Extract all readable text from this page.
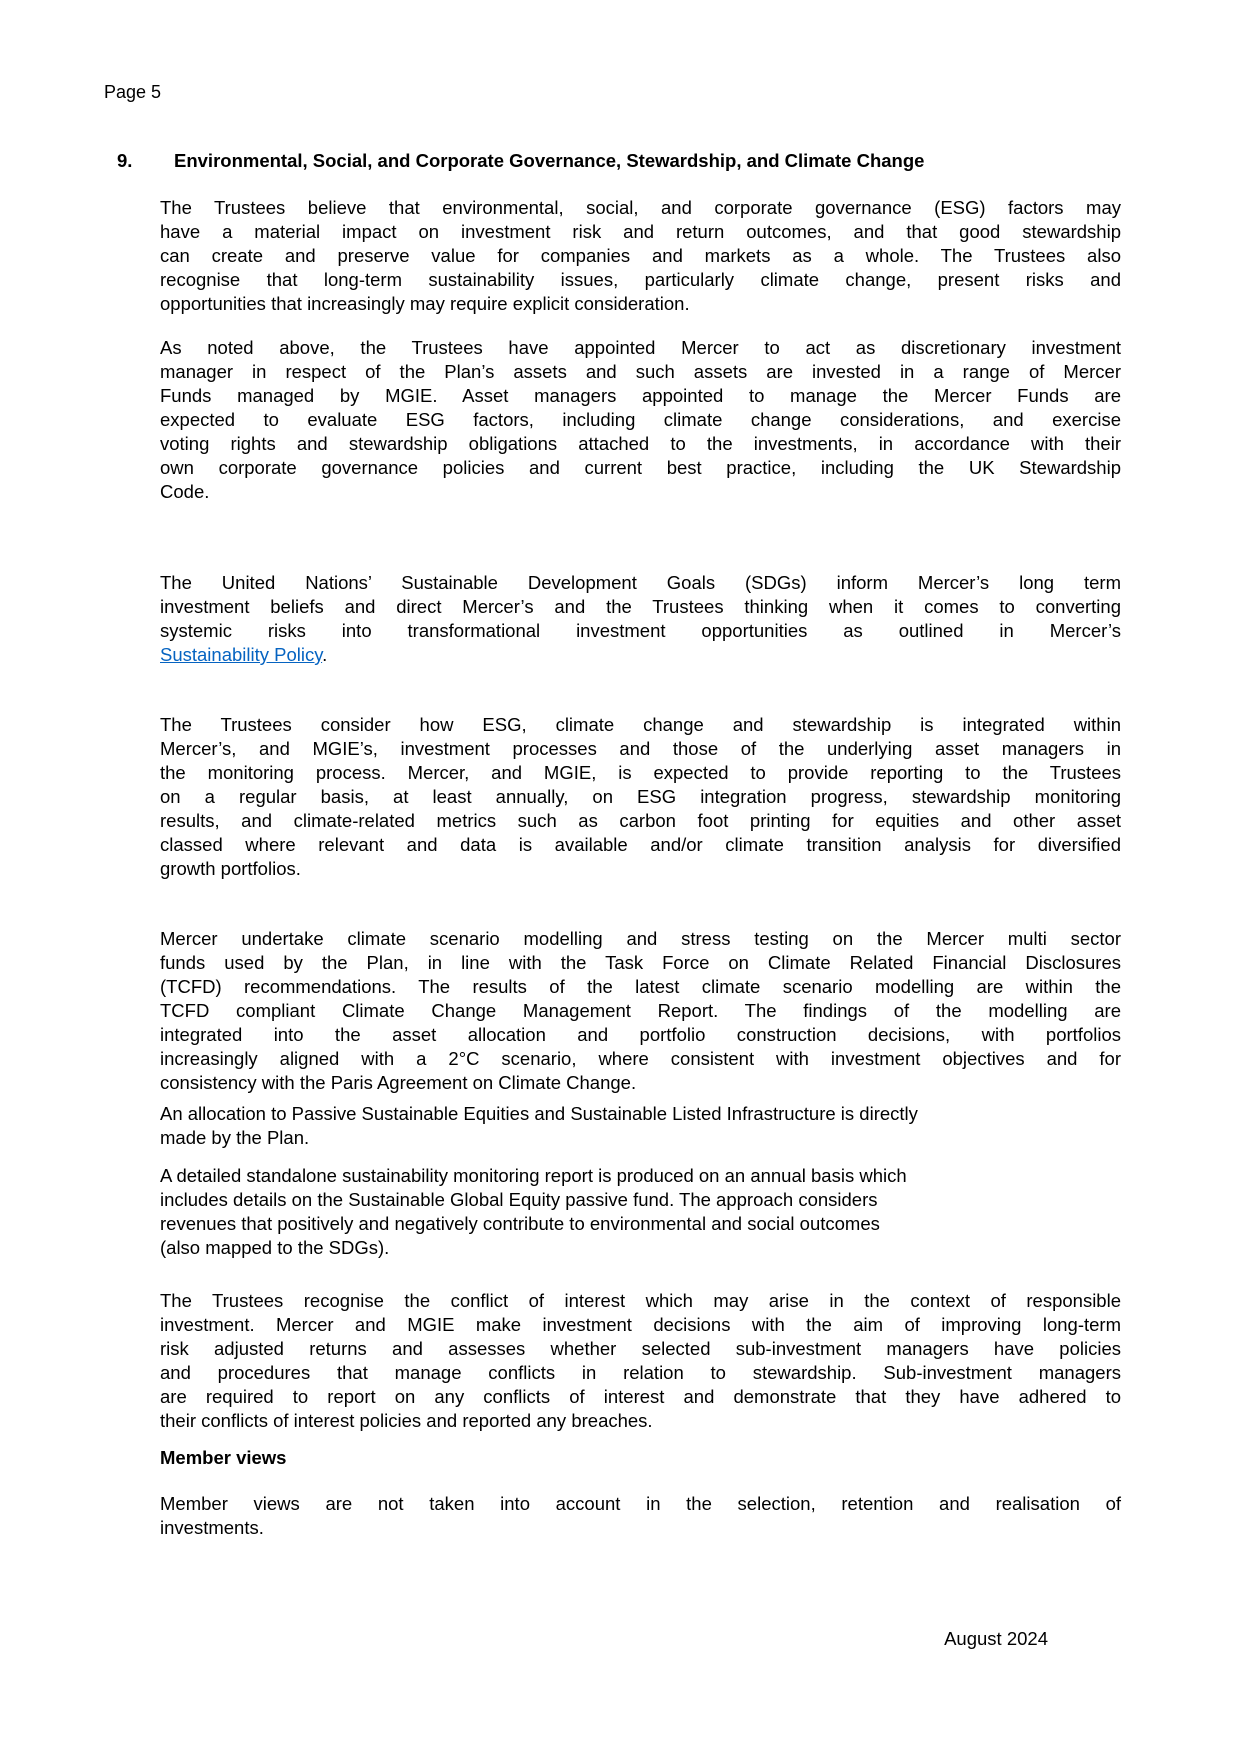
Page 5
9.	Environmental, Social, and Corporate Governance, Stewardship, and Climate Change
The Trustees believe that environmental, social, and corporate governance (ESG) factors may
have a material impact on investment risk and return outcomes, and that good stewardship
can create and preserve value for companies and markets as a whole. The Trustees also
recognise that long-term sustainability issues, particularly climate change, present risks and
opportunities that increasingly may require explicit consideration.
As noted above, the Trustees have appointed Mercer to act as discretionary investment
manager in respect of the Plan’s assets and such assets are invested in a range of Mercer
Funds managed by MGIE. Asset managers appointed to manage the Mercer Funds are
expected to evaluate ESG factors, including climate change considerations, and exercise
voting rights and stewardship obligations attached to the investments, in accordance with their
own corporate governance policies and current best practice, including the UK Stewardship
Code.
The United Nations’ Sustainable Development Goals (SDGs) inform Mercer’s long term
investment beliefs and direct Mercer’s and the Trustees thinking when it comes to converting
systemic risks into transformational investment opportunities as outlined in Mercer’s
Sustainability Policy.
The Trustees consider how ESG, climate change and stewardship is integrated within
Mercer’s, and MGIE’s, investment processes and those of the underlying asset managers in
the monitoring process. Mercer, and MGIE, is expected to provide reporting to the Trustees
on a regular basis, at least annually, on ESG integration progress, stewardship monitoring
results, and climate-related metrics such as carbon foot printing for equities and other asset
classed where relevant and data is available and/or climate transition analysis for diversified
growth portfolios.
Mercer undertake climate scenario modelling and stress testing on the Mercer multi sector
funds used by the Plan, in line with the Task Force on Climate Related Financial Disclosures
(TCFD) recommendations. The results of the latest climate scenario modelling are within the
TCFD compliant Climate Change Management Report. The findings of the modelling are
integrated into the asset allocation and portfolio construction decisions, with portfolios
increasingly aligned with a 2°C scenario, where consistent with investment objectives and for
consistency with the Paris Agreement on Climate Change.
An allocation to Passive Sustainable Equities and Sustainable Listed Infrastructure is directly
made by the Plan.
A detailed standalone sustainability monitoring report is produced on an annual basis which
includes details on the Sustainable Global Equity passive fund. The approach considers
revenues that positively and negatively contribute to environmental and social outcomes
(also mapped to the SDGs).
The Trustees recognise the conflict of interest which may arise in the context of responsible
investment. Mercer and MGIE make investment decisions with the aim of improving long-term
risk adjusted returns and assesses whether selected sub-investment managers have policies
and procedures that manage conflicts in relation to stewardship. Sub-investment managers
are required to report on any conflicts of interest and demonstrate that they have adhered to
their conflicts of interest policies and reported any breaches.
Member views are not taken into account in the selection, retention and realisation of
investments.
Member views
August 2024
